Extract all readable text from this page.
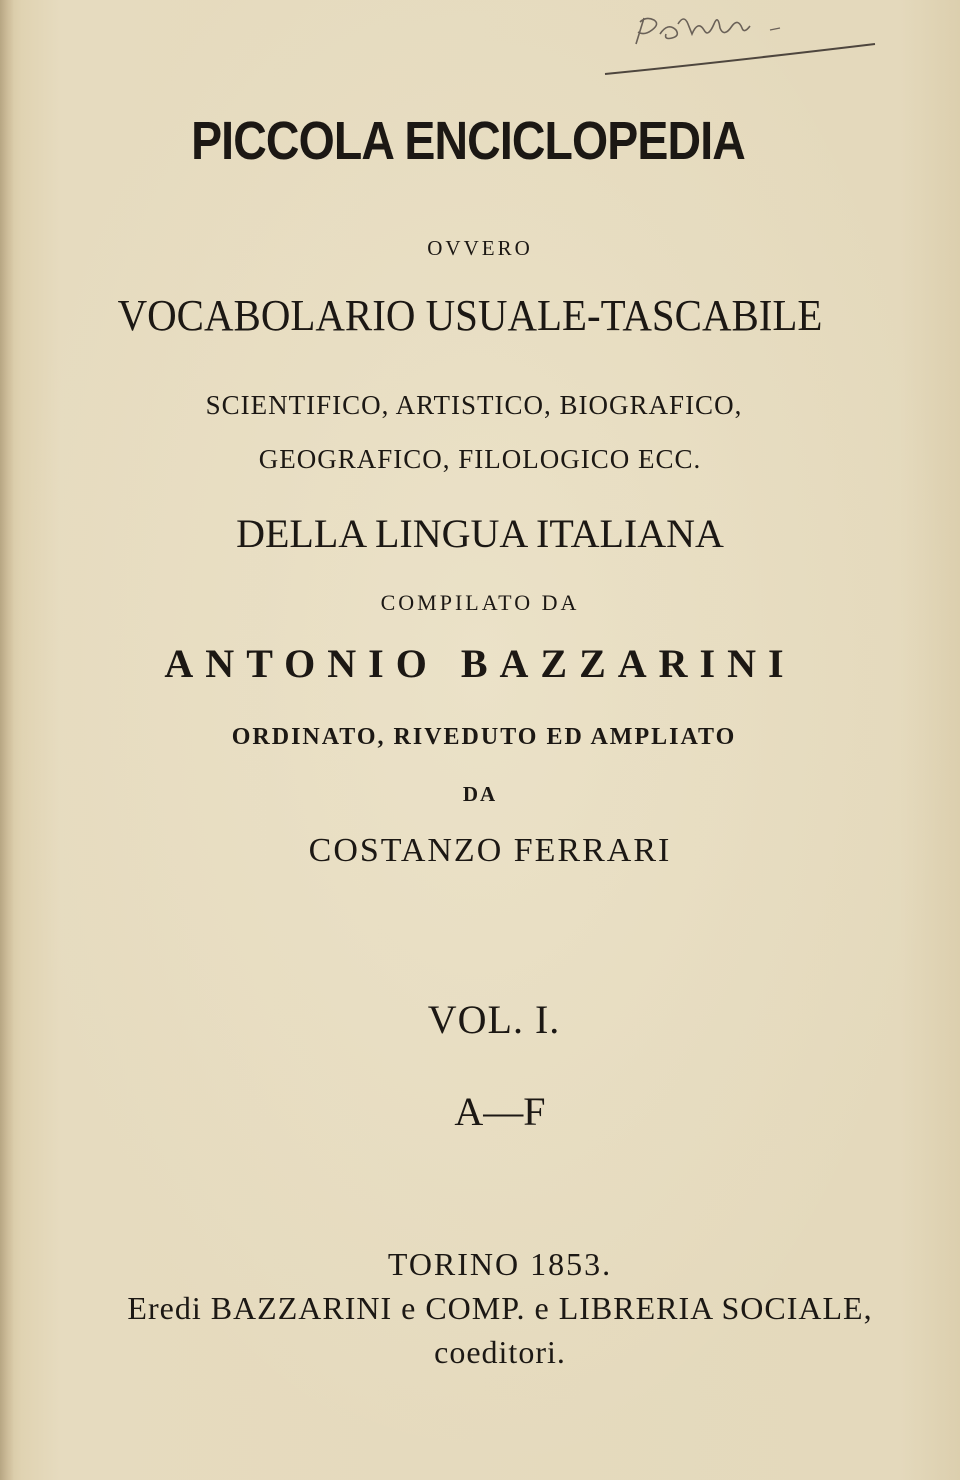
PICCOLA ENCICLOPEDIA

OVVERO

VOCABOLARIO USUALE-TASCABILE

SCIENTIFICO, ARTISTICO, BIOGRAFICO,

GEOGRAFICO, FILOLOGICO ECC.

DELLA LINGUA ITALIANA

COMPILATO DA

ANTONIO BAZZARINI

ORDINATO, RIVEDUTO ED AMPLIATO

DA

COSTANZO FERRARI

VOL. I.

A—F

TORINO 1853.

Eredi BAZZARINI e COMP. e LIBRERIA SOCIALE,

coeditori.
